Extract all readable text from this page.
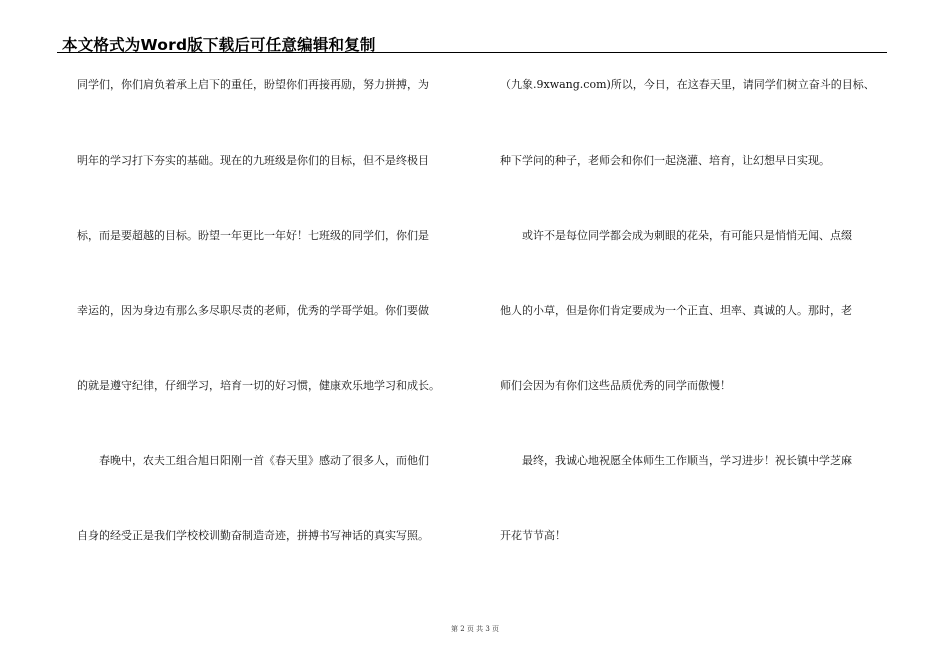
本文格式为Word版下载后可任意编辑和复制
同学们，你们肩负着承上启下的重任，盼望你们再接再励，努力拼搏，为
明年的学习打下夯实的基础。现在的九班级是你们的目标，但不是终极目
标，而是要超越的目标。盼望一年更比一年好！七班级的同学们，你们是
幸运的，因为身边有那么多尽职尽责的老师，优秀的学哥学姐。你们要做
的就是遵守纪律，仔细学习，培育一切的好习惯，健康欢乐地学习和成长。
春晚中，农夫工组合旭日阳刚一首《春天里》感动了很多人，而他们
自身的经受正是我们学校校训勤奋制造奇迹，拼搏书写神话的真实写照。
（九象.9xwang.com)所以，今日，在这春天里，请同学们树立奋斗的目标、
种下学问的种子，老师会和你们一起浇灌、培育，让幻想早日实现。
或许不是每位同学都会成为刺眼的花朵，有可能只是悄悄无闻、点缀
他人的小草，但是你们肯定要成为一个正直、坦率、真诚的人。那时，老
师们会因为有你们这些品质优秀的同学而傲慢！
最终，我诚心地祝愿全体师生工作顺当，学习进步！祝长镇中学芝麻
开花节节高！
第 2 页 共 3 页
